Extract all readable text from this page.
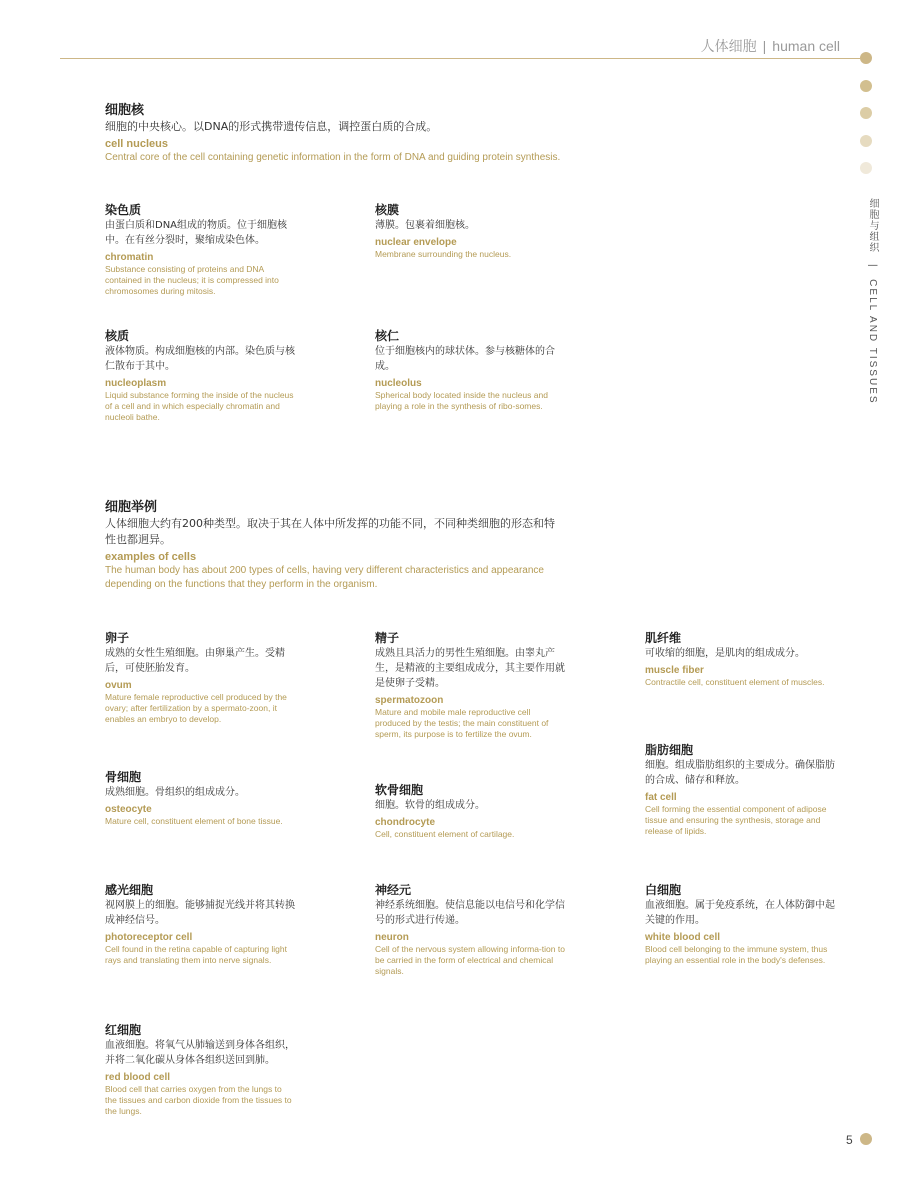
人体细胞 | human cell
细胞与组织 | CELL AND TISSUES
细胞核
细胞的中央核心。以DNA的形式携带遗传信息，调控蛋白质的合成。
cell nucleus
Central core of the cell containing genetic information in the form of DNA and guiding protein synthesis.
染色质
由蛋白质和DNA组成的物质。位于细胞核中。在有丝分裂时，聚缩成染色体。
chromatin
Substance consisting of proteins and DNA contained in the nucleus; it is compressed into chromosomes during mitosis.
核膜
薄膜。包裹着细胞核。
nuclear envelope
Membrane surrounding the nucleus.
核质
液体物质。构成细胞核的内部。染色质与核仁散布于其中。
nucleoplasm
Liquid substance forming the inside of the nucleus of a cell and in which especially chromatin and nucleoli bathe.
核仁
位于细胞核内的球状体。参与核糖体的合成。
nucleolus
Spherical body located inside the nucleus and playing a role in the synthesis of ribo-somes.
细胞举例
人体细胞大约有200种类型。取决于其在人体中所发挥的功能不同，不同种类细胞的形态和特性也都迥异。
examples of cells
The human body has about 200 types of cells, having very different characteristics and appearance depending on the functions that they perform in the organism.
卵子
成熟的女性生殖细胞。由卵巢产生。受精后，可使胚胎发育。
ovum
Mature female reproductive cell produced by the ovary; after fertilization by a spermato-zoon, it enables an embryo to develop.
精子
成熟且具活力的男性生殖细胞。由睾丸产生，是精液的主要组成成分，其主要作用就是使卵子受精。
spermatozoon
Mature and mobile male reproductive cell produced by the testis; the main constituent of sperm, its purpose is to fertilize the ovum.
肌纤维
可收缩的细胞，是肌肉的组成成分。
muscle fiber
Contractile cell, constituent element of muscles.
脂肪细胞
细胞。组成脂肪组织的主要成分。确保脂肪的合成、储存和释放。
fat cell
Cell forming the essential component of adipose tissue and ensuring the synthesis, storage and release of lipids.
骨细胞
成熟细胞。骨组织的组成成分。
osteocyte
Mature cell, constituent element of bone tissue.
软骨细胞
细胞。软骨的组成成分。
chondrocyte
Cell, constituent element of cartilage.
感光细胞
视网膜上的细胞。能够捕捉光线并将其转换成神经信号。
photoreceptor cell
Cell found in the retina capable of capturing light rays and translating them into nerve signals.
神经元
神经系统细胞。使信息能以电信号和化学信号的形式进行传递。
neuron
Cell of the nervous system allowing informa-tion to be carried in the form of electrical and chemical signals.
白细胞
血液细胞。属于免疫系统，在人体防御中起关键的作用。
white blood cell
Blood cell belonging to the immune system, thus playing an essential role in the body's defenses.
红细胞
血液细胞。将氧气从肺输送到身体各组织，并将二氧化碳从身体各组织送回到肺。
red blood cell
Blood cell that carries oxygen from the lungs to the tissues and carbon dioxide from the tissues to the lungs.
5
